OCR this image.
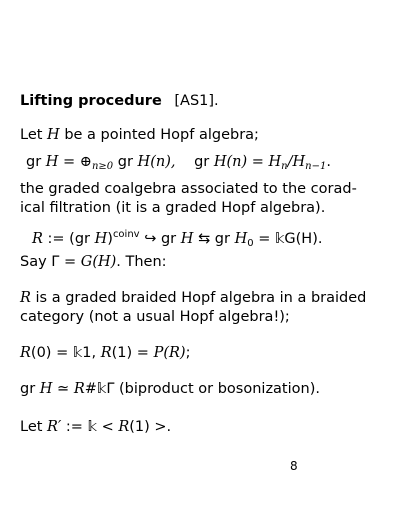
Lifting procedure [AS1].
Let H be a pointed Hopf algebra;
gr $H = \oplus_{n\ge 0}$ gr H(n), gr $H(n) = H_n/H_{n-1}$.
the graded coalgebra associated to the corad-
ical filtration (it is a graded Hopf algebra).
R := (gr H)$^{coinv}$ ↪ gr H ⇆ gr $H_0$ = 𝕜G(H).
Say Γ = G(H). Then:
R is a graded braided Hopf algebra in a braided
category (not a usual Hopf algebra!);
R(0) = 𝕜1, R(1) = P(R);
gr H ≃ R#𝕜Γ (biproduct or bosonization).
Let R′ := 𝕜 < R(1) >.
8
